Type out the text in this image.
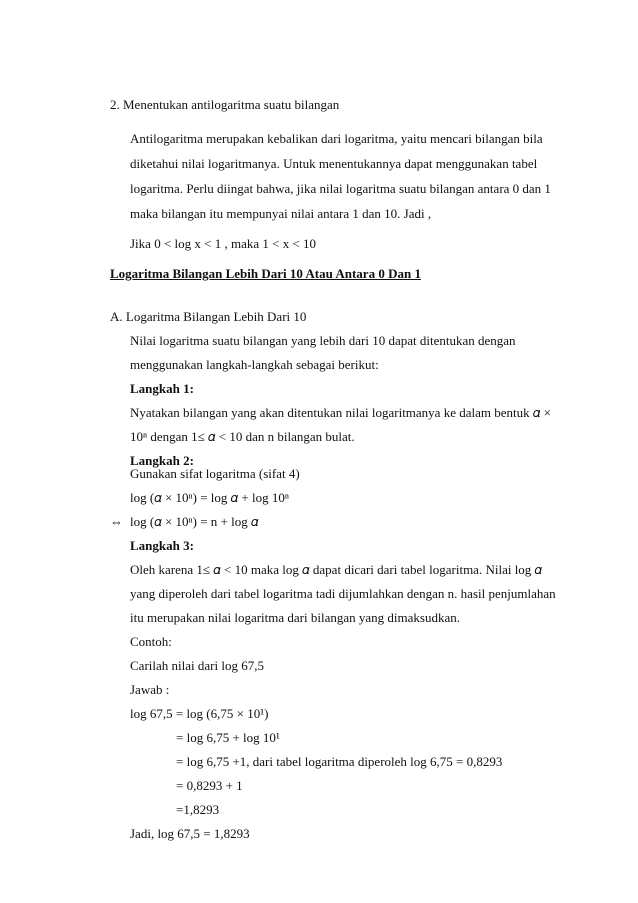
2. Menentukan antilogaritma suatu bilangan
Antilogaritma merupakan kebalikan dari logaritma, yaitu mencari bilangan bila
diketahui nilai logaritmanya. Untuk menentukannya dapat menggunakan tabel
logaritma. Perlu diingat bahwa, jika nilai logaritma suatu bilangan antara 0 dan 1
maka bilangan itu mempunyai nilai antara 1 dan 10. Jadi ,
Jika 0 < log x < 1 , maka 1 < x < 10
Logaritma Bilangan Lebih Dari 10 Atau Antara 0 Dan 1
A. Logaritma Bilangan Lebih Dari 10
Nilai logaritma suatu bilangan yang lebih dari 10 dapat ditentukan dengan
menggunakan langkah-langkah sebagai berikut:
Langkah 1:
Nyatakan bilangan yang akan ditentukan nilai logaritmanya ke dalam bentuk 𝛼 ×
10ⁿ dengan 1≤ 𝛼 < 10 dan n bilangan bulat.
Langkah 2:
Gunakan sifat logaritma (sifat 4)
log (𝛼 × 10ⁿ) = log 𝛼 + log 10ⁿ
⇔ log (𝛼 × 10ⁿ) = n + log 𝛼
Langkah 3:
Oleh karena 1≤ 𝛼 < 10 maka log 𝛼 dapat dicari dari tabel logaritma. Nilai log 𝛼
yang diperoleh dari tabel logaritma tadi dijumlahkan dengan n. hasil penjumlahan
itu merupakan nilai logaritma dari bilangan yang dimaksudkan.
Contoh:
Carilah nilai dari log 67,5
Jawab :
log 67,5 = log (6,75 × 10¹)
= log 6,75 + log 10¹
= log 6,75 +1, dari tabel logaritma diperoleh log 6,75 = 0,8293
= 0,8293 + 1
=1,8293
Jadi, log 67,5 = 1,8293
